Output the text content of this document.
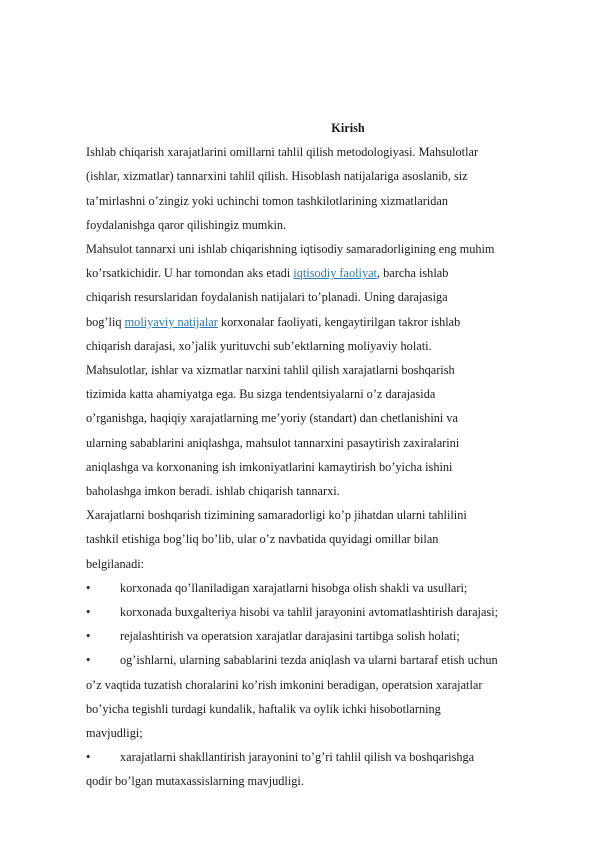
Kirish

Ishlab chiqarish xarajatlarini omillarni tahlil qilish metodologiyasi. Mahsulotlar

(ishlar, xizmatlar) tannarxini tahlil qilish. Hisoblash natijalariga asoslanib, siz

ta’mirlashni o’zingiz yoki uchinchi tomon tashkilotlarining xizmatlaridan

foydalanishga qaror qilishingiz mumkin.

Mahsulot tannarxi uni ishlab chiqarishning iqtisodiy samaradorligining eng muhim

ko’rsatkichidir. U har tomondan aks etadi iqtisodiy faoliyat, barcha ishlab

chiqarish resurslaridan foydalanish natijalari to’planadi. Uning darajasiga

bog’liq moliyaviy natijalar korxonalar faoliyati, kengaytirilgan takror ishlab

chiqarish darajasi, xo’jalik yurituvchi sub’ektlarning moliyaviy holati.

Mahsulotlar, ishlar va xizmatlar narxini tahlil qilish xarajatlarni boshqarish

tizimida katta ahamiyatga ega. Bu sizga tendentsiyalarni o’z darajasida

o’rganishga, haqiqiy xarajatlarning me’yoriy (standart) dan chetlanishini va

ularning sabablarini aniqlashga, mahsulot tannarxini pasaytirish zaxiralarini

aniqlashga va korxonaning ish imkoniyatlarini kamaytirish bo’yicha ishini

baholashga imkon beradi. ishlab chiqarish tannarxi.

Xarajatlarni boshqarish tizimining samaradorligi ko’p jihatdan ularni tahlilini

tashkil etishiga bog’liq bo’lib, ular o’z navbatida quyidagi omillar bilan

belgilanadi:

• korxonada qo’llaniladigan xarajatlarni hisobga olish shakli va usullari;

• korxonada buxgalteriya hisobi va tahlil jarayonini avtomatlashtirish darajasi;

• rejalashtirish va operatsion xarajatlar darajasini tartibga solish holati;

• og’ishlarni, ularning sabablarini tezda aniqlash va ularni bartaraf etish uchun

o’z vaqtida tuzatish choralarini ko’rish imkonini beradigan, operatsion xarajatlar

bo’yicha tegishli turdagi kundalik, haftalik va oylik ichki hisobotlarning

mavjudligi;

• xarajatlarni shakllantirish jarayonini to’g’ri tahlil qilish va boshqarishga

qodir bo’lgan mutaxassislarning mavjudligi.
